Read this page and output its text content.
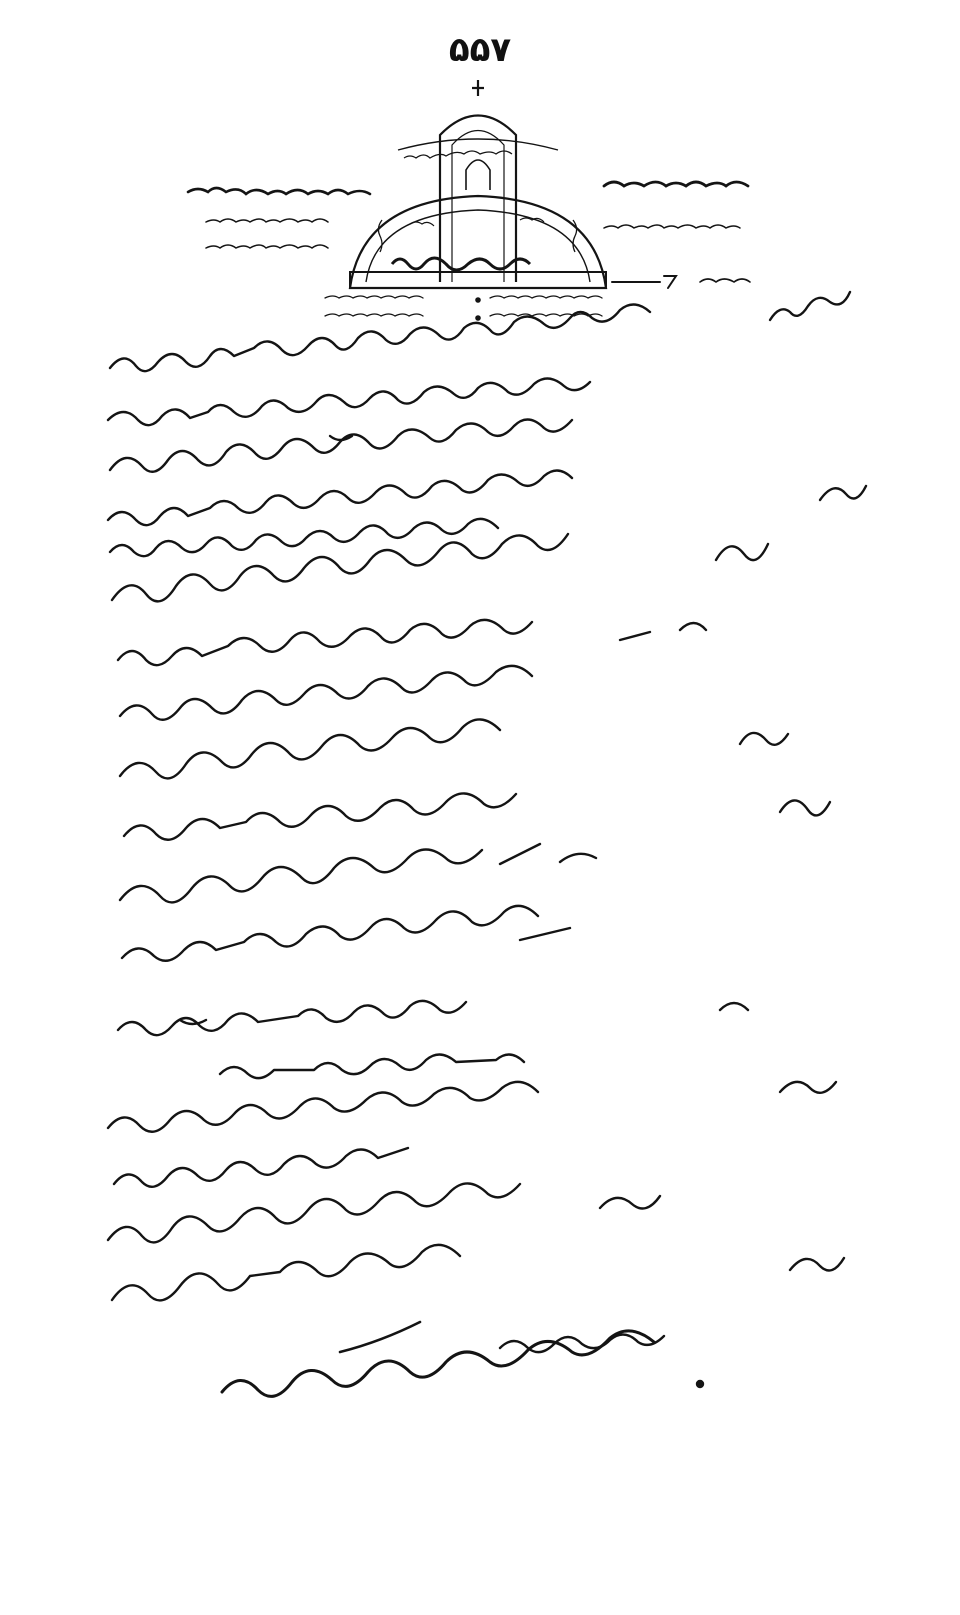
۵۵۷
